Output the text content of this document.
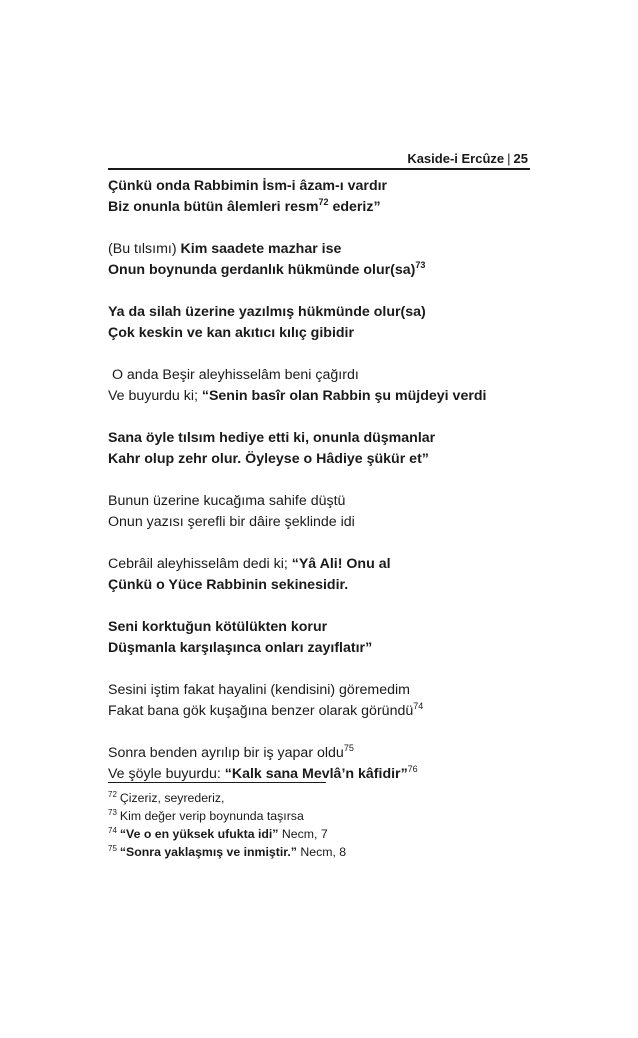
Kaside-i Ercûze | 25
Çünkü onda Rabbimin İsm-i âzam-ı vardır
Biz onunla bütün âlemleri resm$^{72}$ ederiz”
(Bu tılsımı) Kim saadete mazhar ise
Onun boynunda gerdanlık hükmünde olur(sa)$^{73}$
Ya da silah üzerine yazılmış hükmünde olur(sa)
Çok keskin ve kan akıtıcı kılıç gibidir
O anda Beşir aleyhisselâm beni çağırdı
Ve buyurdu ki; “Senin basîr olan Rabbin şu müjdeyi verdi
Sana öyle tılsım hediye etti ki, onunla düşmanlar
Kahr olup zehr olur. Öyleyse o Hâdiye şükür et”
Bunun üzerine kucağıma sahife düştü
Onun yazısı şerefli bir dâire şeklinde idi
Cebrâil aleyhisselâm dedi ki; “Yâ Ali! Onu al
Çünkü o Yüce Rabbinin sekinesidir.
Seni korktuğun kötülükten korur
Düşmanla karşılaşınca onları zayıflatır”
Sesini iştim fakat hayalini (kendisini) göremedim
Fakat bana gök kuşağına benzer olarak göründü$^{74}$
Sonra benden ayrılıp bir iş yapar oldu$^{75}$
Ve şöyle buyurdu: “Kalk sana Mevlâ’n kâfidir”$^{76}$
$^{72}$ Çizeriz, seyrederiz,
$^{73}$ Kim değer verip boynunda taşırsa
$^{74}$ “Ve o en yüksek ufukta idi” Necm, 7
$^{75}$ “Sonra yaklaşmış ve inmiştir.” Necm, 8
